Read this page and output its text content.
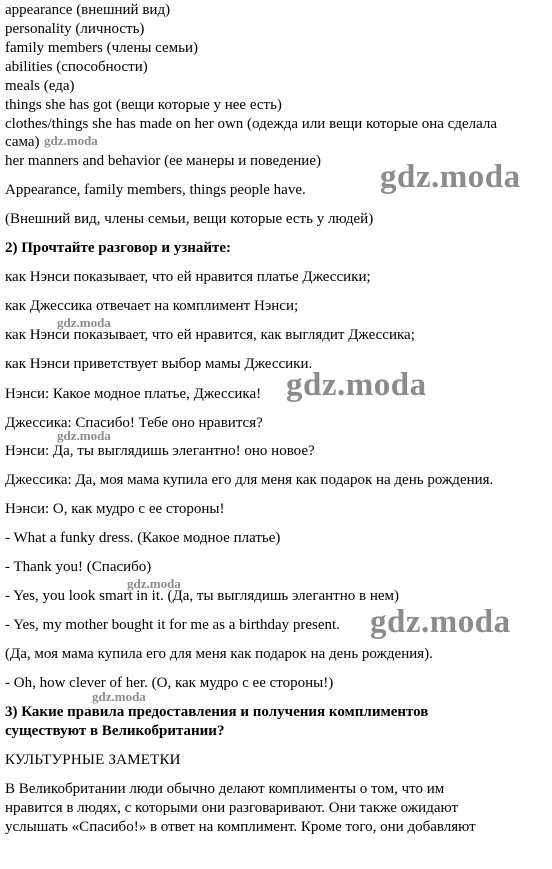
appearance (внешний вид)
personality (личность)
family members (члены семьи)
abilities (способности)
meals (еда)
things she has got (вещи которые у нее есть)
clothes/things she has made on her own (одежда или вещи которые она сделала
сама)
her manners and behavior (ее манеры и поведение)
Appearance, family members, things people have.
(Внешний вид, члены семьи, вещи которые есть у людей)
2) Прочтайте разговор и узнайте:
как Нэнси показывает, что ей нравится платье Джессики;
как Джессика отвечает на комплимент Нэнси;
как Нэнси показывает, что ей нравится, как выглядит Джессика;
как Нэнси приветствует выбор мамы Джессики.
Нэнси: Какое модное платье, Джессика!
Джессика: Спасибо! Тебе оно нравится?
Нэнси: Да, ты выглядишь элегантно! оно новое?
Джессика: Да, моя мама купила его для меня как подарок на день рождения.
Нэнси: О, как мудро с ее стороны!
- What a funky dress. (Какое модное платье)
- Thank you! (Спасибо)
- Yes, you look smart in it. (Да, ты выглядишь элегантно в нем)
- Yes, my mother bought it for me as a birthday present.
(Да, моя мама купила его для меня как подарок на день рождения).
- Oh, how clever of her. (О, как мудро с ее стороны!)
3) Какие правила предоставления и получения комплиментов
существуют в Великобритании?
КУЛЬТУРНЫЕ ЗАМЕТКИ
В Великобритании люди обычно делают комплименты о том, что им
нравится в людях, с которыми они разговаривают. Они также ожидают
услышать «Спасибо!» в ответ на комплимент. Кроме того, они добавляют
gdz.moda
gdz.moda
gdz.moda
gdz.moda
gdz.moda
gdz.moda
gdz.moda
gdz.moda
